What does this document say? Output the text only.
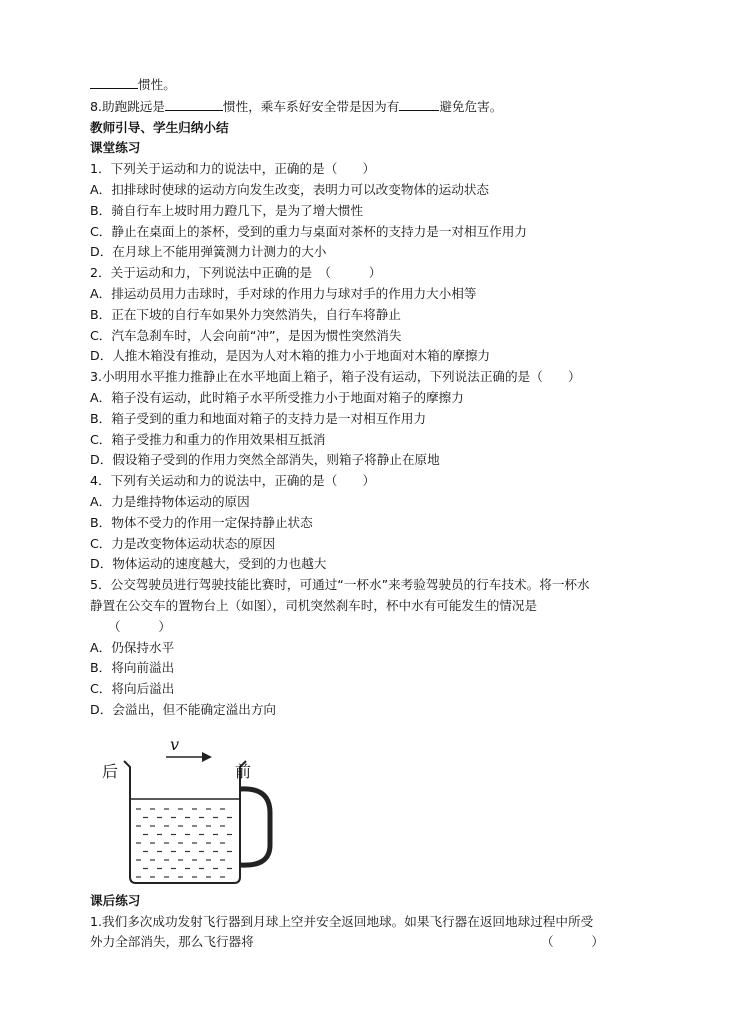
惯性。
8.助跑跳远是	惯性，乘车系好安全带是因为有	避免危害。
教师引导、学生归纳小结
课堂练习
1．下列关于运动和力的说法中，正确的是（　　）
A．扣排球时使球的运动方向发生改变，表明力可以改变物体的运动状态
B．骑自行车上坡时用力蹬几下，是为了增大惯性
C．静止在桌面上的茶杯，受到的重力与桌面对茶杯的支持力是一对相互作用力
D．在月球上不能用弹簧测力计测力的大小
2．关于运动和力，下列说法中正确的是　（　　　）
A．排运动员用力击球时，手对球的作用力与球对手的作用力大小相等
B．正在下坡的自行车如果外力突然消失，自行车将静止
C．汽车急刹车时，人会向前“冲”，是因为惯性突然消失
D．人推木箱没有推动，是因为人对木箱的推力小于地面对木箱的摩擦力
3.小明用水平推力推静止在水平地面上箱子，箱子没有运动，下列说法正确的是（　　）
A．箱子没有运动，此时箱子水平所受推力小于地面对箱子的摩擦力
B．箱子受到的重力和地面对箱子的支持力是一对相互作用力
C．箱子受推力和重力的作用效果相互抵消
D．假设箱子受到的作用力突然全部消失，则箱子将静止在原地
4．下列有关运动和力的说法中，正确的是（　　）
A．力是维持物体运动的原因
B．物体不受力的作用一定保持静止状态
C．力是改变物体运动状态的原因
D．物体运动的速度越大，受到的力也越大
5．公交驾驶员进行驾驶技能比赛时，可通过“一杯水”来考验驾驶员的行车技术。将一杯水
静置在公交车的置物台上（如图），司机突然刹车时，杯中水有可能发生的情况是
（　　　）
A．仍保持水平
B．将向前溢出
C．将向后溢出
D．会溢出，但不能确定溢出方向
后	前
v
课后练习
1.我们多次成功发射飞行器到月球上空并安全返回地球。如果飞行器在返回地球过程中所受
外力全部消失，那么飞行器将	（　　　）
